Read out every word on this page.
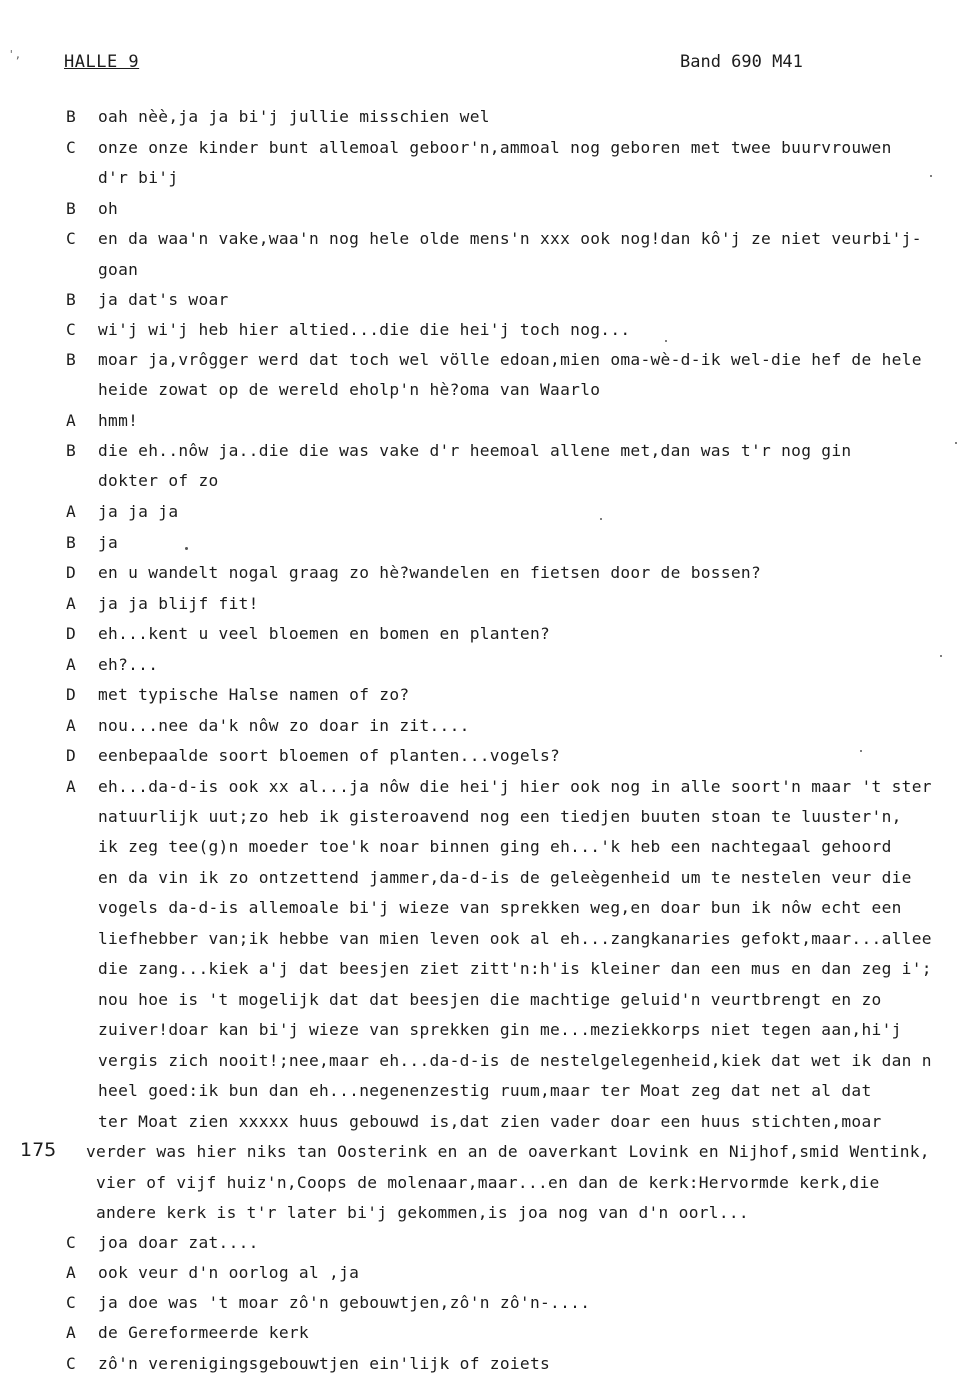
',	HALLE 9	Band 690 M41
175
B oah nèè,ja ja bi'j jullie misschien wel
C onze onze kinder bunt allemoal geboor'n,ammoal nog geboren met twee buurvrouwen
d'r bi'j
B oh
C en da waa'n vake,waa'n nog hele olde mens'n xxx ook nog!dan kô'j ze niet veurbi'j-
goan
B ja dat's woar
C wi'j wi'j heb hier altied...die die hei'j toch nog...
B moar ja,vrôgger werd dat toch wel völle edoan,mien oma-wè-d-ik wel-die hef de hele
heide zowat op de wereld eholp'n hè?oma van Waarlo
A hmm!
B die eh..nôw ja..die die was vake d'r heemoal allene met,dan was t'r nog gin
dokter of zo
A ja ja ja
B ja
D en u wandelt nogal graag zo hè?wandelen en fietsen door de bossen?
A ja ja blijf fit!
D eh...kent u veel bloemen en bomen en planten?
A eh?...
D met typische Halse namen of zo?
A nou...nee da'k nôw zo doar in zit....
D eenbepaalde soort bloemen of planten...vogels?
A eh...da-d-is ook xx al...ja nôw die hei'j hier ook nog in alle soort'n maar 't ster
natuurlijk uut;zo heb ik gisteroavend nog een tiedjen buuten stoan te luuster'n,
ik zeg tee(g)n moeder toe'k noar binnen ging eh...'k heb een nachtegaal gehoord
en da vin ik zo ontzettend jammer,da-d-is de geleègenheid um te nestelen veur die
vogels da-d-is allemoale bi'j wieze van sprekken weg,en doar bun ik nôw echt een
liefhebber van;ik hebbe van mien leven ook al eh...zangkanaries gefokt,maar...allee
die zang...kiek a'j dat beesjen ziet zitt'n:h'is kleiner dan een mus en dan zeg i';
nou hoe is 't mogelijk dat dat beesjen die machtige geluid'n veurtbrengt en zo
zuiver!doar kan bi'j wieze van sprekken gin me...meziekkorps niet tegen aan,hi'j
vergis zich nooit!;nee,maar eh...da-d-is de nestelgelegenheid,kiek dat wet ik dan n
heel goed:ik bun dan eh...negenenzestig ruum,maar ter Moat zeg dat net al dat
ter Moat zien xxxxx huus gebouwd is,dat zien vader doar een huus stichten,moar
verder was hier niks tan Oosterink en an de oaverkant Lovink en Nijhof,smid Wentink,
vier of vijf huiz'n,Coops de molenaar,maar...en dan de kerk:Hervormde kerk,die
andere kerk is t'r later bi'j gekommen,is joa nog van d'n oorl...
C joa doar zat....
A ook veur d'n oorlog al ,ja
C ja doe was 't moar zô'n gebouwtjen,zô'n zô'n-....
A de Gereformeerde kerk
C zô'n verenigingsgebouwtjen ein'lijk of zoiets
